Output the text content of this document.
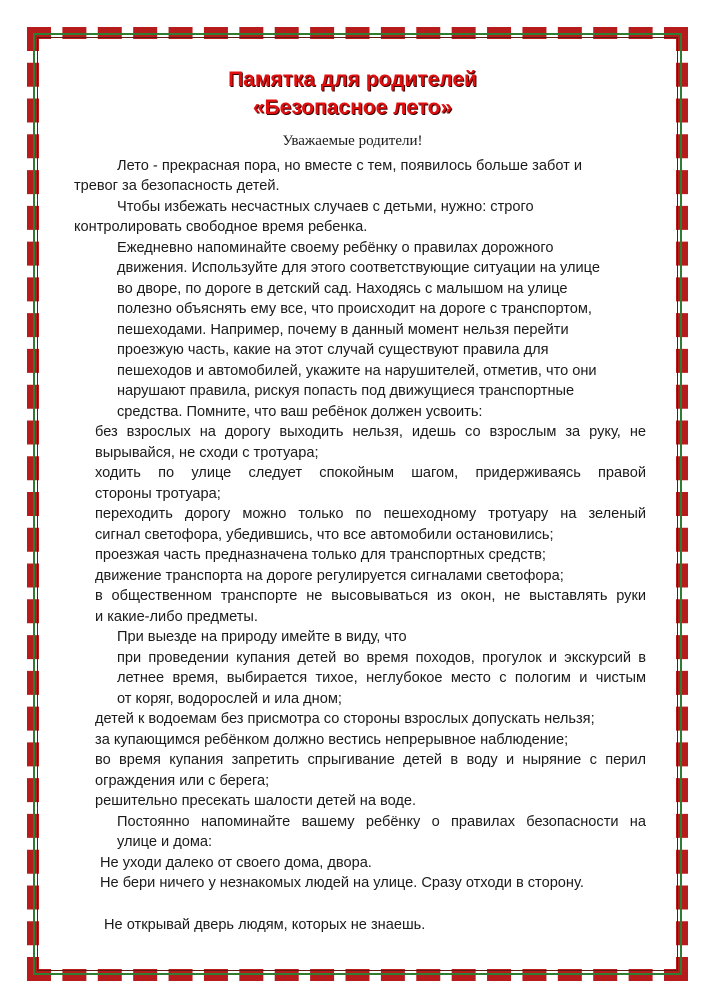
Памятка для родителей
«Безопасное лето»
Уважаемые родители!
Лето - прекрасная пора, но вместе с тем, появилось больше забот и
тревог за безопасность детей.
Чтобы избежать несчастных случаев с детьми, нужно: строго
контролировать свободное время ребенка.
Ежедневно напоминайте своему ребёнку о правилах дорожного
движения. Используйте для этого соответствующие ситуации на улице
во дворе, по дороге в детский сад. Находясь с малышом на улице
полезно объяснять ему все, что происходит на дороге с транспортом,
пешеходами. Например, почему в данный момент нельзя перейти
проезжую часть, какие на этот случай существуют правила для
пешеходов и автомобилей, укажите на нарушителей, отметив, что они
нарушают правила, рискуя попасть под движущиеся транспортные
средства. Помните, что ваш ребёнок должен усвоить:
без взрослых на дорогу выходить нельзя, идешь со взрослым за руку, не
вырывайся, не сходи с тротуара;
ходить по улице следует спокойным шагом, придерживаясь правой
стороны тротуара;
переходить дорогу можно только по пешеходному тротуару на зеленый
сигнал светофора, убедившись, что все автомобили остановились;
проезжая часть предназначена только для транспортных средств;
движение транспорта на дороге регулируется сигналами светофора;
в общественном транспорте не высовываться из окон, не выставлять руки
и какие-либо предметы.
При выезде на природу имейте в виду, что
при проведении купания детей во время походов, прогулок и экскурсий в
летнее время, выбирается тихое, неглубокое место с пологим и чистым
от коряг, водорослей и ила дном;
детей к водоемам без присмотра со стороны взрослых допускать нельзя;
за купающимся ребёнком должно вестись непрерывное наблюдение;
во время купания запретить спрыгивание детей в воду и ныряние с перил
ограждения или с берега;
решительно пресекать шалости детей на воде.
Постоянно напоминайте вашему ребёнку о правилах безопасности на
улице и дома:
Не уходи далеко от своего дома, двора.
Не бери ничего у незнакомых людей на улице. Сразу отходи в сторону.
Не открывай дверь людям, которых не знаешь.
